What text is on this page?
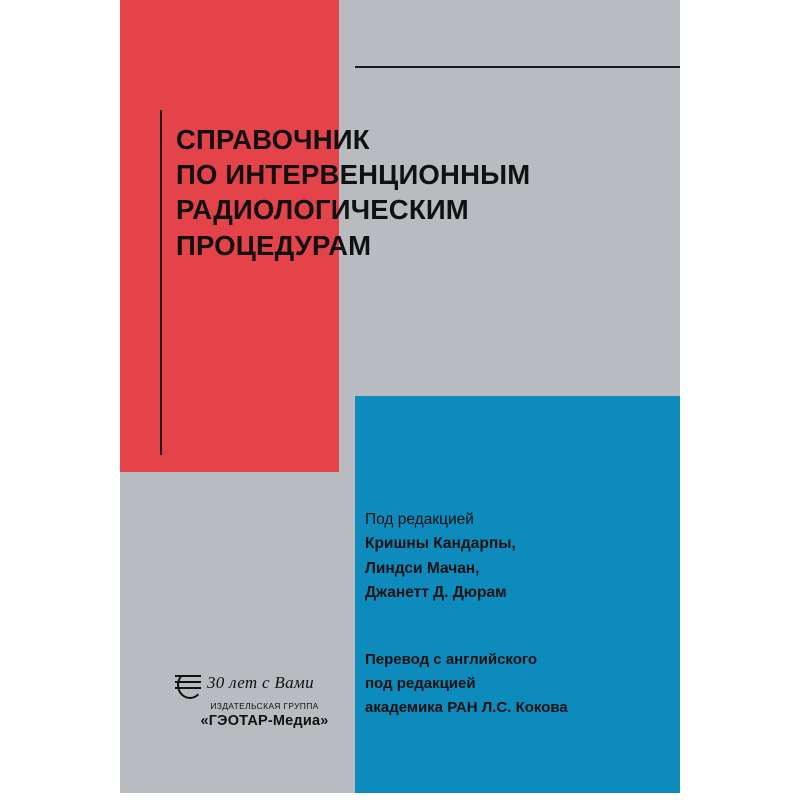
СПРАВОЧНИК
ПО ИНТЕРВЕНЦИОННЫМ
РАДИОЛОГИЧЕСКИМ
ПРОЦЕДУРАМ
Под редакцией
Кришны Кандарпы,
Линдси Мачан,
Джанетт Д. Дюрам
Перевод с английского
под редакцией
академика РАН Л.С. Кокова
30 лет с Вами
ИЗДАТЕЛЬСКАЯ ГРУППА
«ГЭОТАР-Медиа»
